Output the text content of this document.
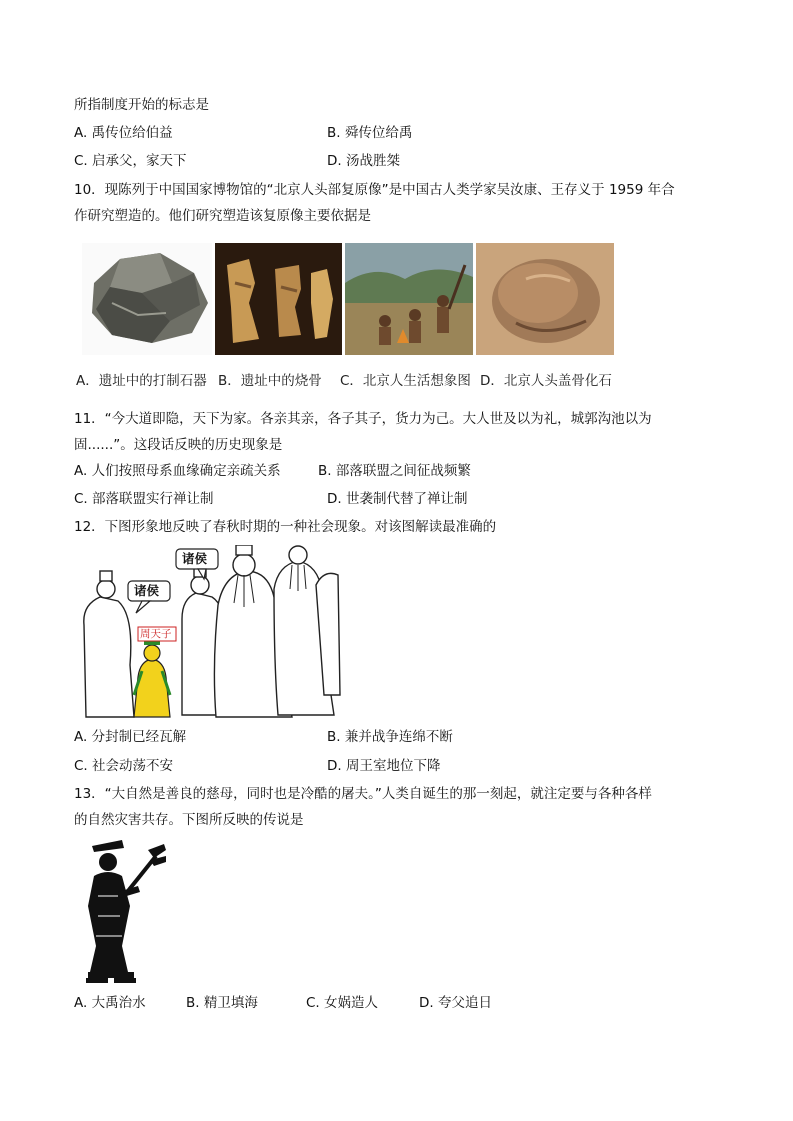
所指制度开始的标志是
A. 禹传位给伯益	B. 舜传位给禹
C. 启承父，家天下	D. 汤战胜桀
10．现陈列于中国国家博物馆的“北京人头部复原像”是中国古人类学家吴汝康、王存义于 1959 年合
作研究塑造的。他们研究塑造该复原像主要依据是
A．遗址中的打制石器 B．遗址中的烧骨 C．北京人生活想象图 D．北京人头盖骨化石
11．“今大道即隐，天下为家。各亲其亲，各子其子，货力为己。大人世及以为礼，城郭沟池以为
固......”。这段话反映的历史现象是
A. 人们按照母系血缘确定亲疏关系	B. 部落联盟之间征战频繁
C. 部落联盟实行禅让制	D. 世袭制代替了禅让制
12．下图形象地反映了春秋时期的一种社会现象。对该图解读最准确的
诸侯
诸侯
周天子
A. 分封制已经瓦解	B. 兼并战争连绵不断
C. 社会动荡不安	D. 周王室地位下降
13．“大自然是善良的慈母，同时也是冷酷的屠夫。”人类自诞生的那一刻起，就注定要与各种各样
的自然灾害共存。下图所反映的传说是
A. 大禹治水	B. 精卫填海	C. 女娲造人	D. 夸父追日
